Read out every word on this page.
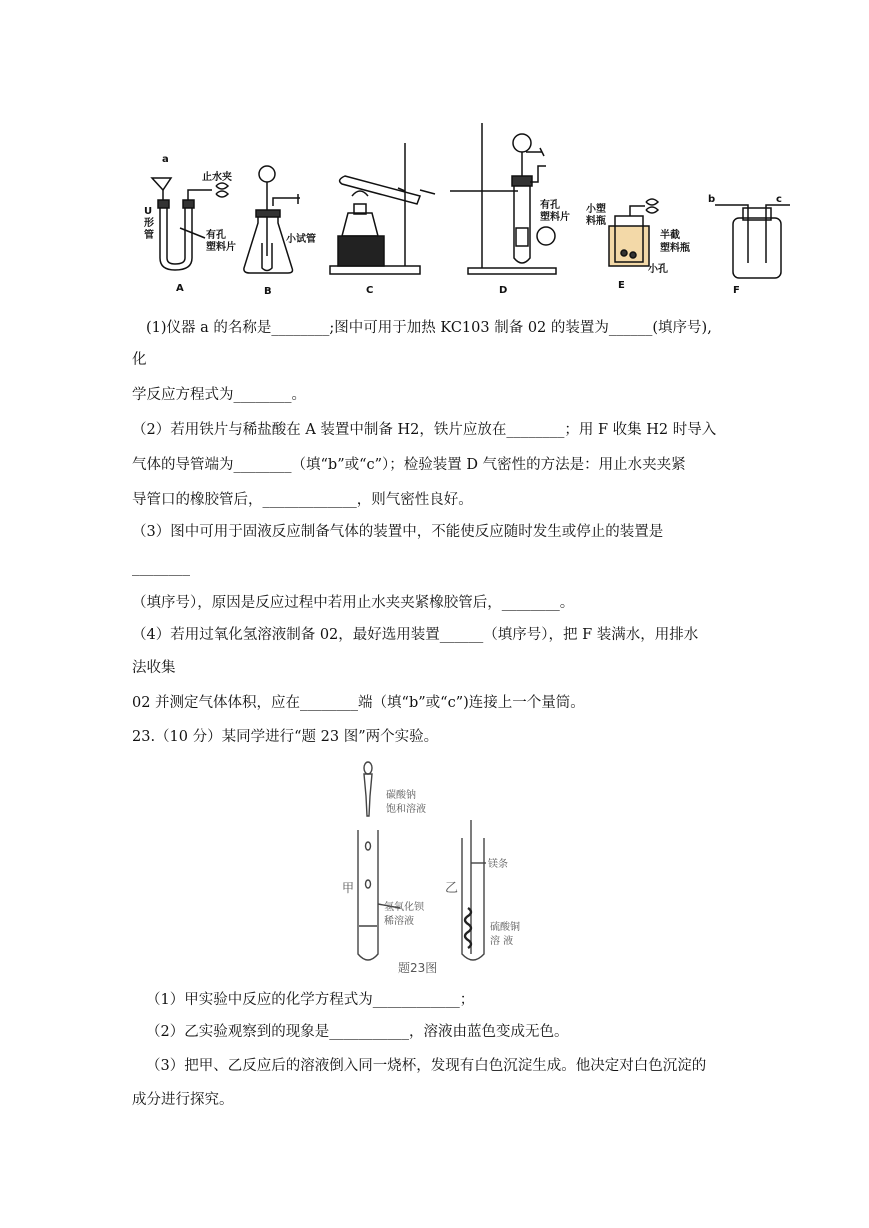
a
止水夹
U
形
管	有孔
塑料片
小试管
有孔
塑料片
小塑
料瓶
半截
塑料瓶
小孔
b	c
A	B	C	D	E	F
(1)仪器 a 的名称是________;图中可用于加热 KC103 制备 02 的装置为______(填序号),
化
学反应方程式为________。
（2）若用铁片与稀盐酸在 A 装置中制备 H2，铁片应放在________；用 F 收集 H2 时导入
气体的导管端为________（填“b”或“c”）；检验装置 D 气密性的方法是：用止水夹夹紧
导管口的橡胶管后，_____________，则气密性良好。
（3）图中可用于固液反应制备气体的装置中，不能使反应随时发生或停止的装置是
________
（填序号），原因是反应过程中若用止水夹夹紧橡胶管后，________。
（4）若用过氧化氢溶液制备 02，最好选用装置______（填序号），把 F 装满水，用排水
法收集
02 并测定气体体积，应在________端（填“b”或“c”)连接上一个量筒。
23.（10 分）某同学进行“题 23 图”两个实验。
碳酸钠
饱和溶液
甲
氢氧化钡
稀溶液
乙
镁条
硫酸铜
溶 液
题23图
（1）甲实验中反应的化学方程式为____________；
（2）乙实验观察到的现象是___________，溶液由蓝色变成无色。
（3）把甲、乙反应后的溶液倒入同一烧杯，发现有白色沉淀生成。他决定对白色沉淀的
成分进行探究。
